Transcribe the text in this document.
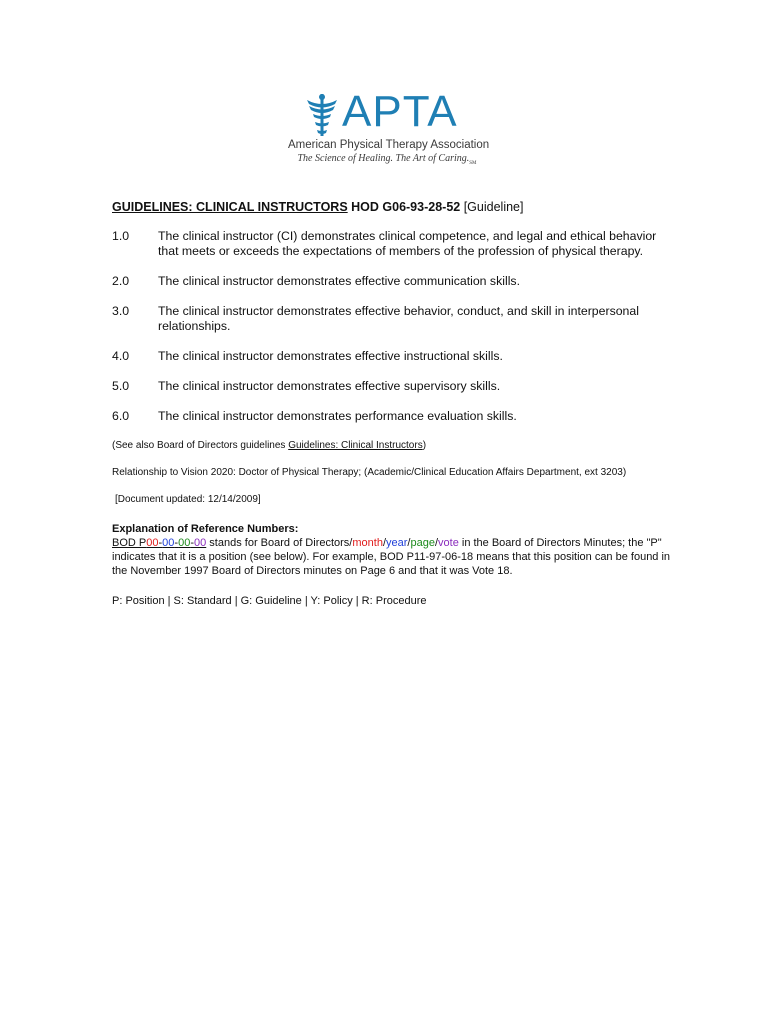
APTA
American Physical Therapy Association
The Science of Healing. The Art of $Caring._{SM}$
GUIDELINES: CLINICAL INSTRUCTORS HOD G06-93-28-52 [Guideline]
1.0	The clinical instructor (CI) demonstrates clinical competence, and legal and ethical behavior that meets or exceeds the expectations of members of the profession of physical therapy.
2.0	The clinical instructor demonstrates effective communication skills.
3.0	The clinical instructor demonstrates effective behavior, conduct, and skill in interpersonal relationships.
4.0	The clinical instructor demonstrates effective instructional skills.
5.0	The clinical instructor demonstrates effective supervisory skills.
6.0	The clinical instructor demonstrates performance evaluation skills.
(See also Board of Directors guidelines Guidelines: Clinical Instructors)
Relationship to Vision 2020: Doctor of Physical Therapy; (Academic/Clinical Education Affairs Department, ext 3203)
[Document updated: 12/14/2009]
Explanation of Reference Numbers:
BOD P00-00-00-00 stands for Board of Directors/month/year/page/vote in the Board of Directors Minutes; the "P" indicates that it is a position (see below). For example, BOD P11-97-06-18 means that this position can be found in the November 1997 Board of Directors minutes on Page 6 and that it was Vote 18.
P: Position | S: Standard | G: Guideline | Y: Policy | R: Procedure
